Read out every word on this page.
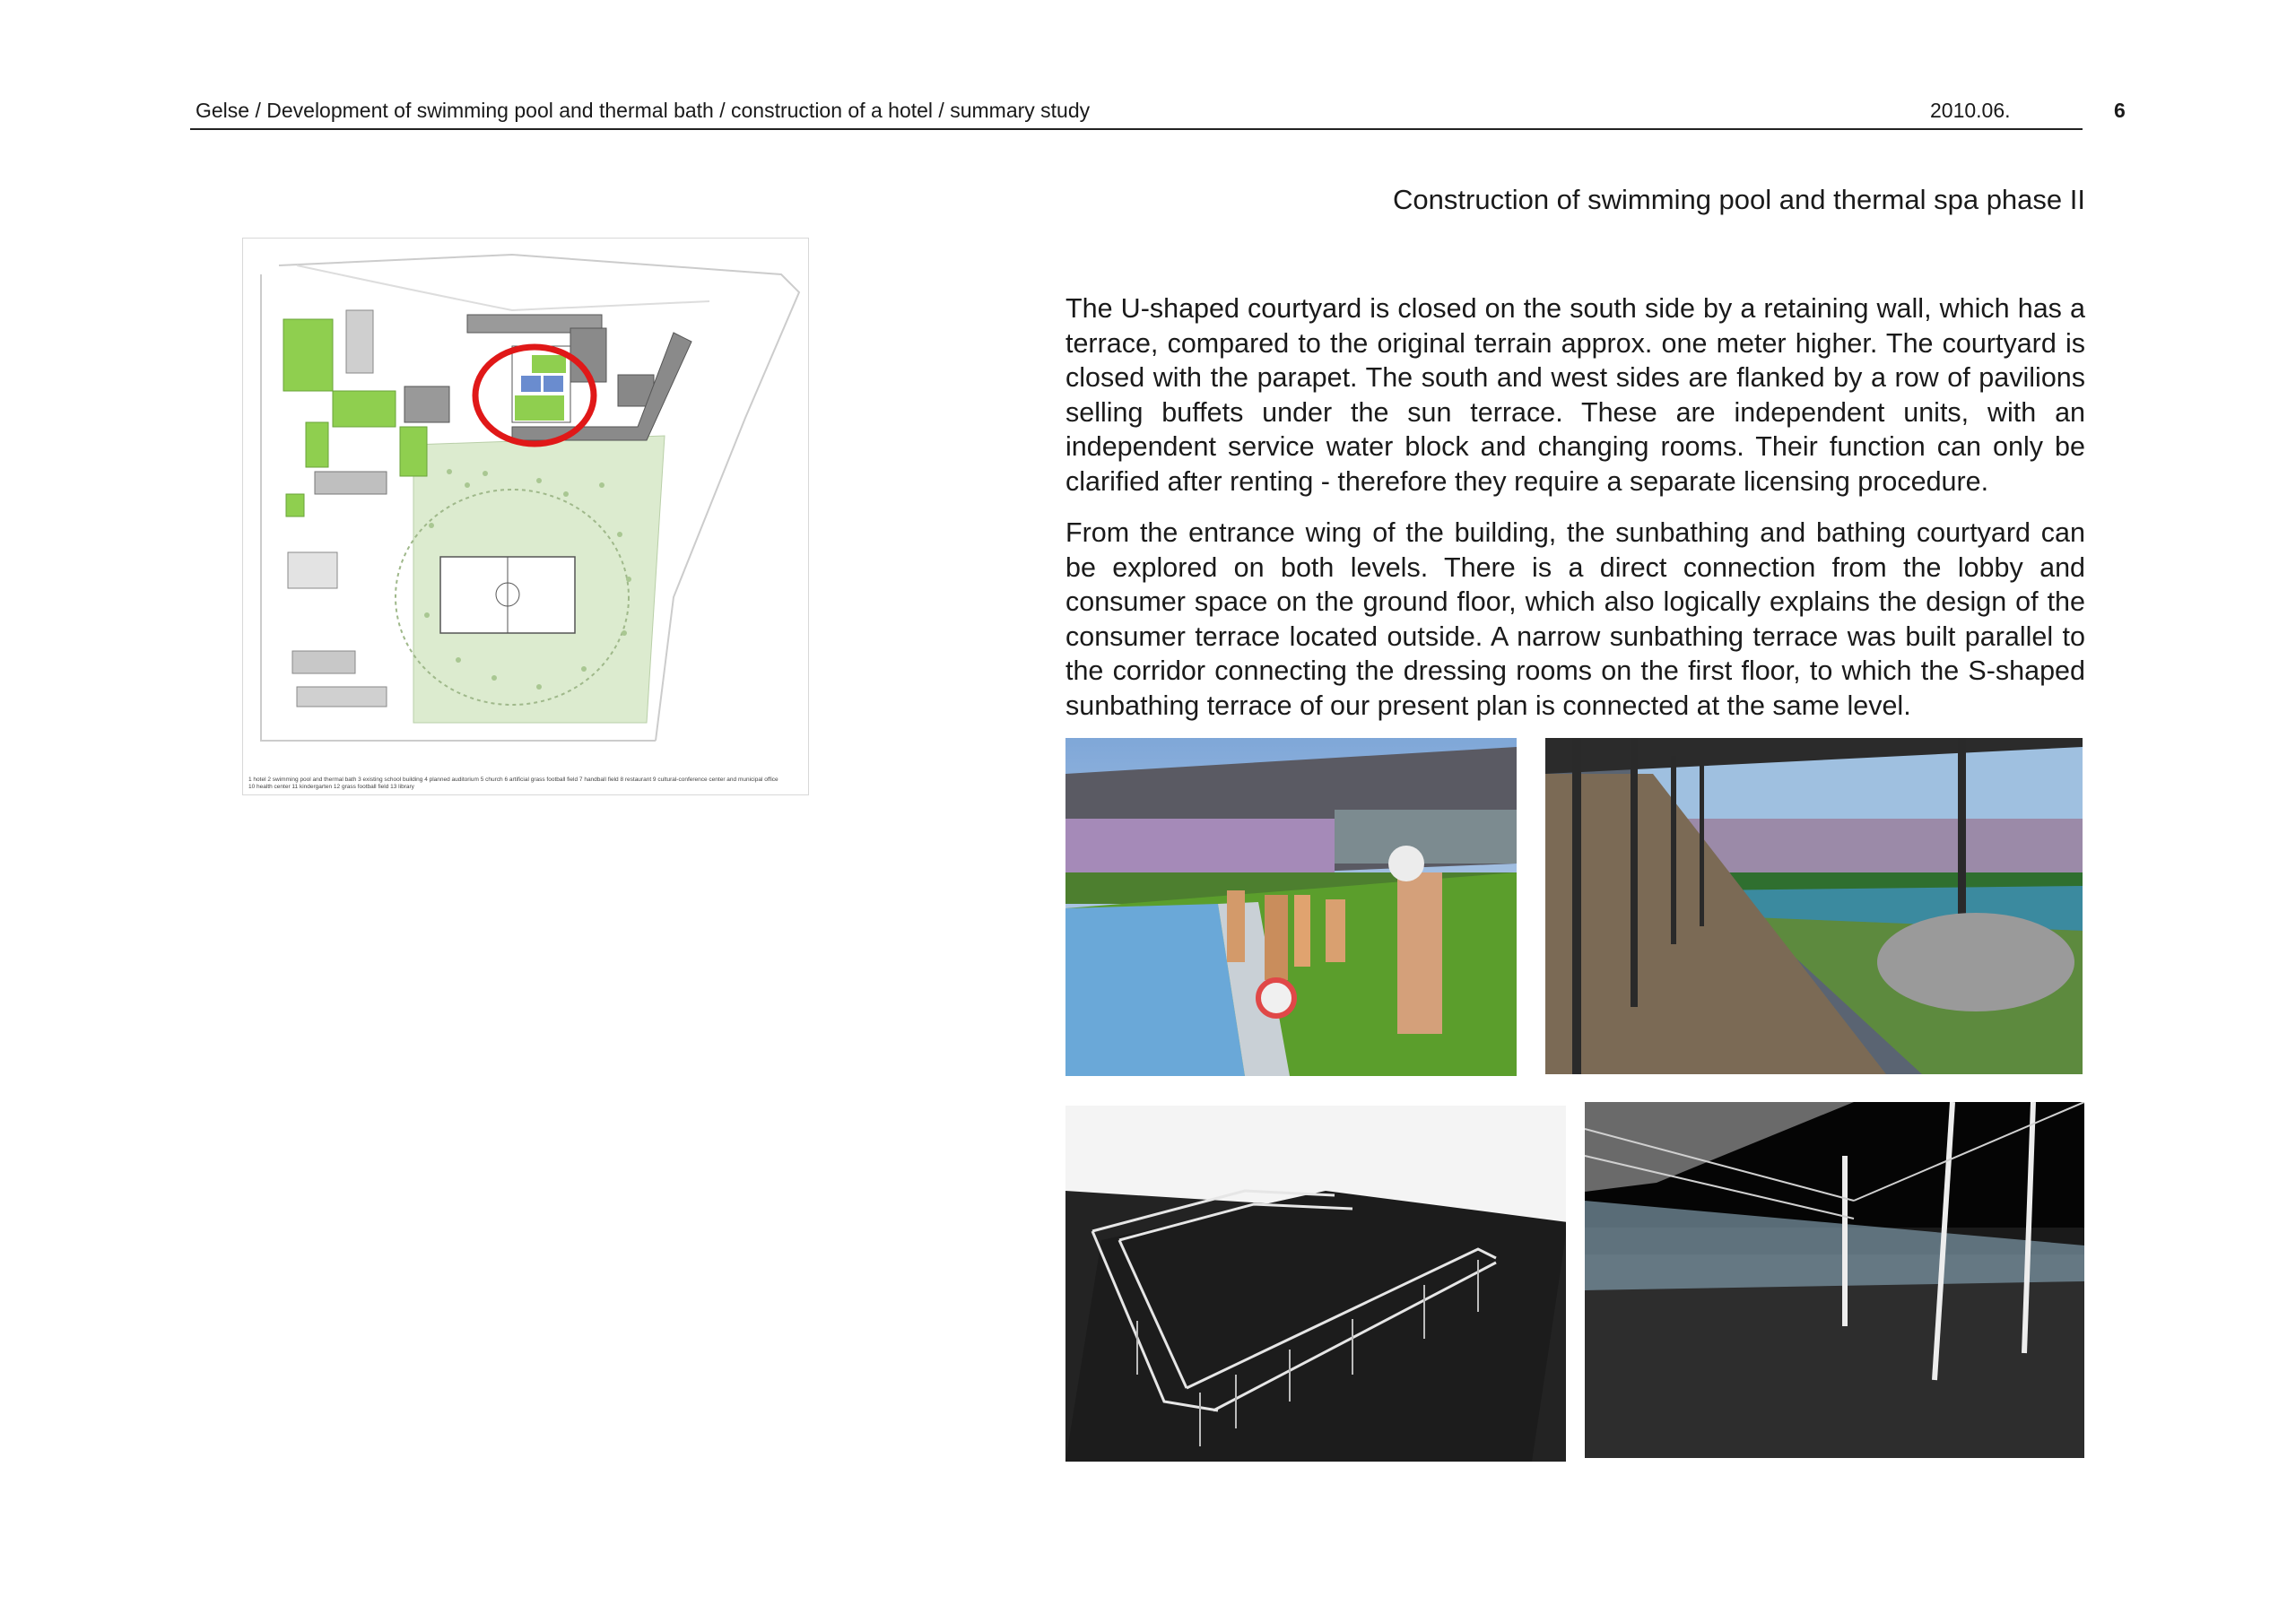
Gelse / Development of swimming pool and thermal bath / construction of a hotel / summary study	2010.06.	6
Construction of swimming pool and thermal spa phase II

The U-shaped courtyard is closed on the south side by a retaining wall, which has a terrace, compared to the original terrain approx. one meter higher. The courtyard is closed with the parapet. The south and west sides are flanked by a row of pavilions selling buffets under the sun terrace. These are independent units, with an independent service water block and changing rooms. Their function can only be clarified after renting - therefore they require a separate licensing procedure.

From the entrance wing of the building, the sunbathing and bathing courtyard can be explored on both levels. There is a direct connection from the lobby and consumer space on the ground floor, which also logically explains the design of the consumer terrace located outside. A narrow sunbathing terrace was built parallel to the corridor connecting the dressing rooms on the first floor, to which the S-shaped sunbathing terrace of our present plan is connected at the same level.

1 hotel 2 swimming pool and thermal bath 3 existing school building 4 planned auditorium 5 church 6 artificial grass football field 7 handball field 8 restaurant 9 cultural-conference center and municipal office
10 health center 11 kindergarten 12 grass football field 13 library
